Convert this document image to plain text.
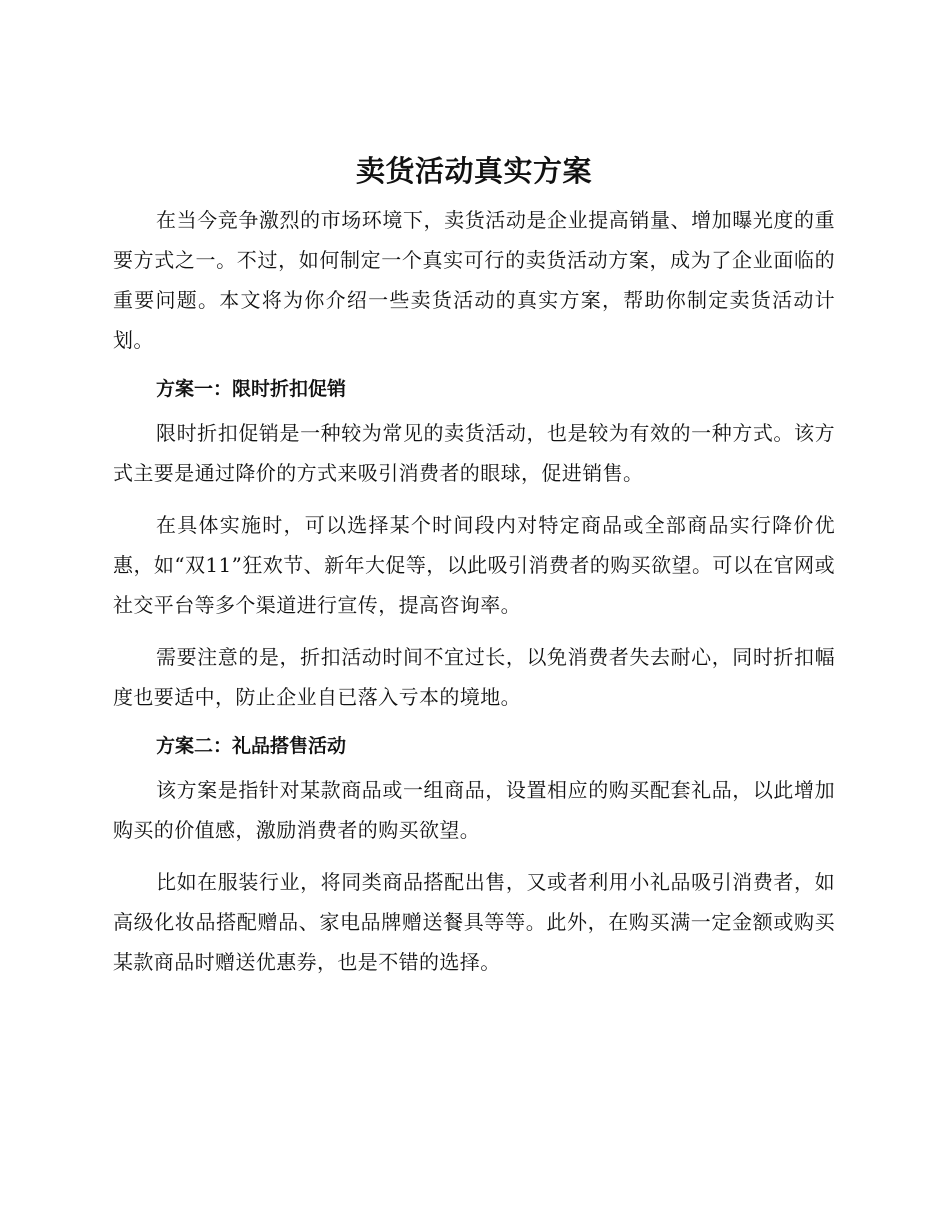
卖货活动真实方案

在当今竞争激烈的市场环境下，卖货活动是企业提高销量、增加曝光度的重要方式之一。不过，如何制定一个真实可行的卖货活动方案，成为了企业面临的重要问题。本文将为你介绍一些卖货活动的真实方案，帮助你制定卖货活动计划。

方案一：限时折扣促销

限时折扣促销是一种较为常见的卖货活动，也是较为有效的一种方式。该方式主要是通过降价的方式来吸引消费者的眼球，促进销售。

在具体实施时，可以选择某个时间段内对特定商品或全部商品实行降价优惠，如“双11”狂欢节、新年大促等，以此吸引消费者的购买欲望。可以在官网或社交平台等多个渠道进行宣传，提高咨询率。

需要注意的是，折扣活动时间不宜过长，以免消费者失去耐心，同时折扣幅度也要适中，防止企业自已落入亏本的境地。

方案二：礼品搭售活动

该方案是指针对某款商品或一组商品，设置相应的购买配套礼品，以此增加购买的价值感，激励消费者的购买欲望。

比如在服装行业，将同类商品搭配出售，又或者利用小礼品吸引消费者，如高级化妆品搭配赠品、家电品牌赠送餐具等等。此外，在购买满一定金额或购买某款商品时赠送优惠券，也是不错的选择。
